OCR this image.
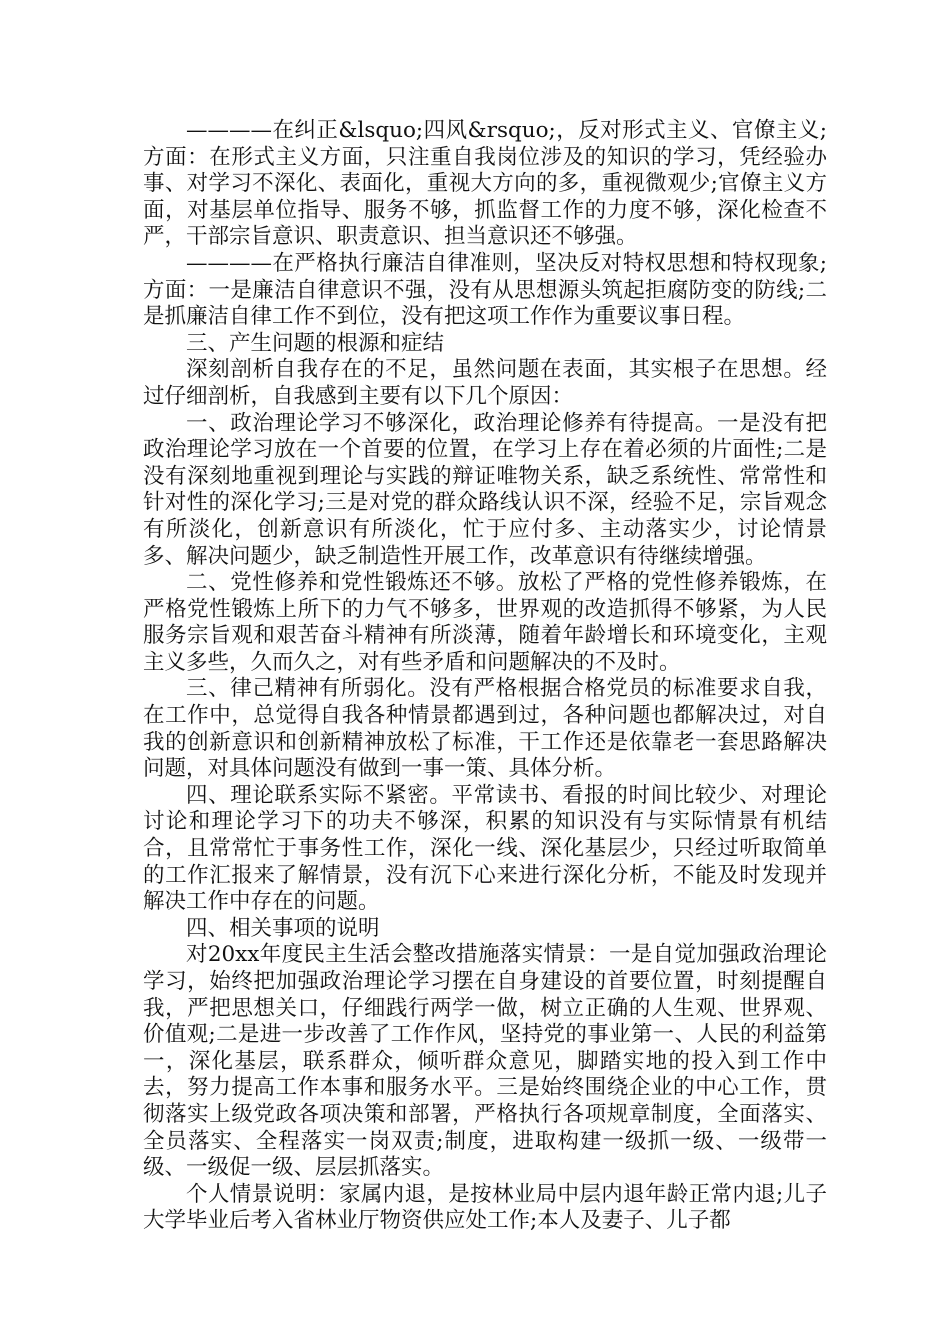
————在纠正&lsquo;四风&rsquo;，反对形式主义、官僚主义;方面：在形式主义方面，只注重自我岗位涉及的知识的学习，凭经验办事、对学习不深化、表面化，重视大方向的多，重视微观少;官僚主义方面，对基层单位指导、服务不够，抓监督工作的力度不够，深化检查不严，干部宗旨意识、职责意识、担当意识还不够强。

————在严格执行廉洁自律准则，坚决反对特权思想和特权现象;方面：一是廉洁自律意识不强，没有从思想源头筑起拒腐防变的防线;二是抓廉洁自律工作不到位，没有把这项工作作为重要议事日程。

三、产生问题的根源和症结

深刻剖析自我存在的不足，虽然问题在表面，其实根子在思想。经过仔细剖析，自我感到主要有以下几个原因：

一、政治理论学习不够深化，政治理论修养有待提高。一是没有把政治理论学习放在一个首要的位置，在学习上存在着必须的片面性;二是没有深刻地重视到理论与实践的辩证唯物关系，缺乏系统性、常常性和针对性的深化学习;三是对党的群众路线认识不深，经验不足，宗旨观念有所淡化，创新意识有所淡化，忙于应付多、主动落实少，讨论情景多、解决问题少，缺乏制造性开展工作，改革意识有待继续增强。

二、党性修养和党性锻炼还不够。放松了严格的党性修养锻炼，在严格党性锻炼上所下的力气不够多，世界观的改造抓得不够紧，为人民服务宗旨观和艰苦奋斗精神有所淡薄，随着年龄增长和环境变化，主观主义多些，久而久之，对有些矛盾和问题解决的不及时。

三、律己精神有所弱化。没有严格根据合格党员的标准要求自我，在工作中，总觉得自我各种情景都遇到过，各种问题也都解决过，对自我的创新意识和创新精神放松了标准，干工作还是依靠老一套思路解决问题，对具体问题没有做到一事一策、具体分析。

四、理论联系实际不紧密。平常读书、看报的时间比较少、对理论讨论和理论学习下的功夫不够深，积累的知识没有与实际情景有机结合，且常常忙于事务性工作，深化一线、深化基层少，只经过听取简单的工作汇报来了解情景，没有沉下心来进行深化分析，不能及时发现并解决工作中存在的问题。

四、相关事项的说明

对20xx年度民主生活会整改措施落实情景：一是自觉加强政治理论学习，始终把加强政治理论学习摆在自身建设的首要位置，时刻提醒自我，严把思想关口，仔细践行两学一做，树立正确的人生观、世界观、价值观;二是进一步改善了工作作风，坚持党的事业第一、人民的利益第一，深化基层，联系群众，倾听群众意见，脚踏实地的投入到工作中去，努力提高工作本事和服务水平。三是始终围绕企业的中心工作，贯彻落实上级党政各项决策和部署，严格执行各项规章制度，全面落实、全员落实、全程落实一岗双责;制度，进取构建一级抓一级、一级带一级、一级促一级、层层抓落实。

个人情景说明：家属内退，是按林业局中层内退年龄正常内退;儿子大学毕业后考入省林业厅物资供应处工作;本人及妻子、儿子都
